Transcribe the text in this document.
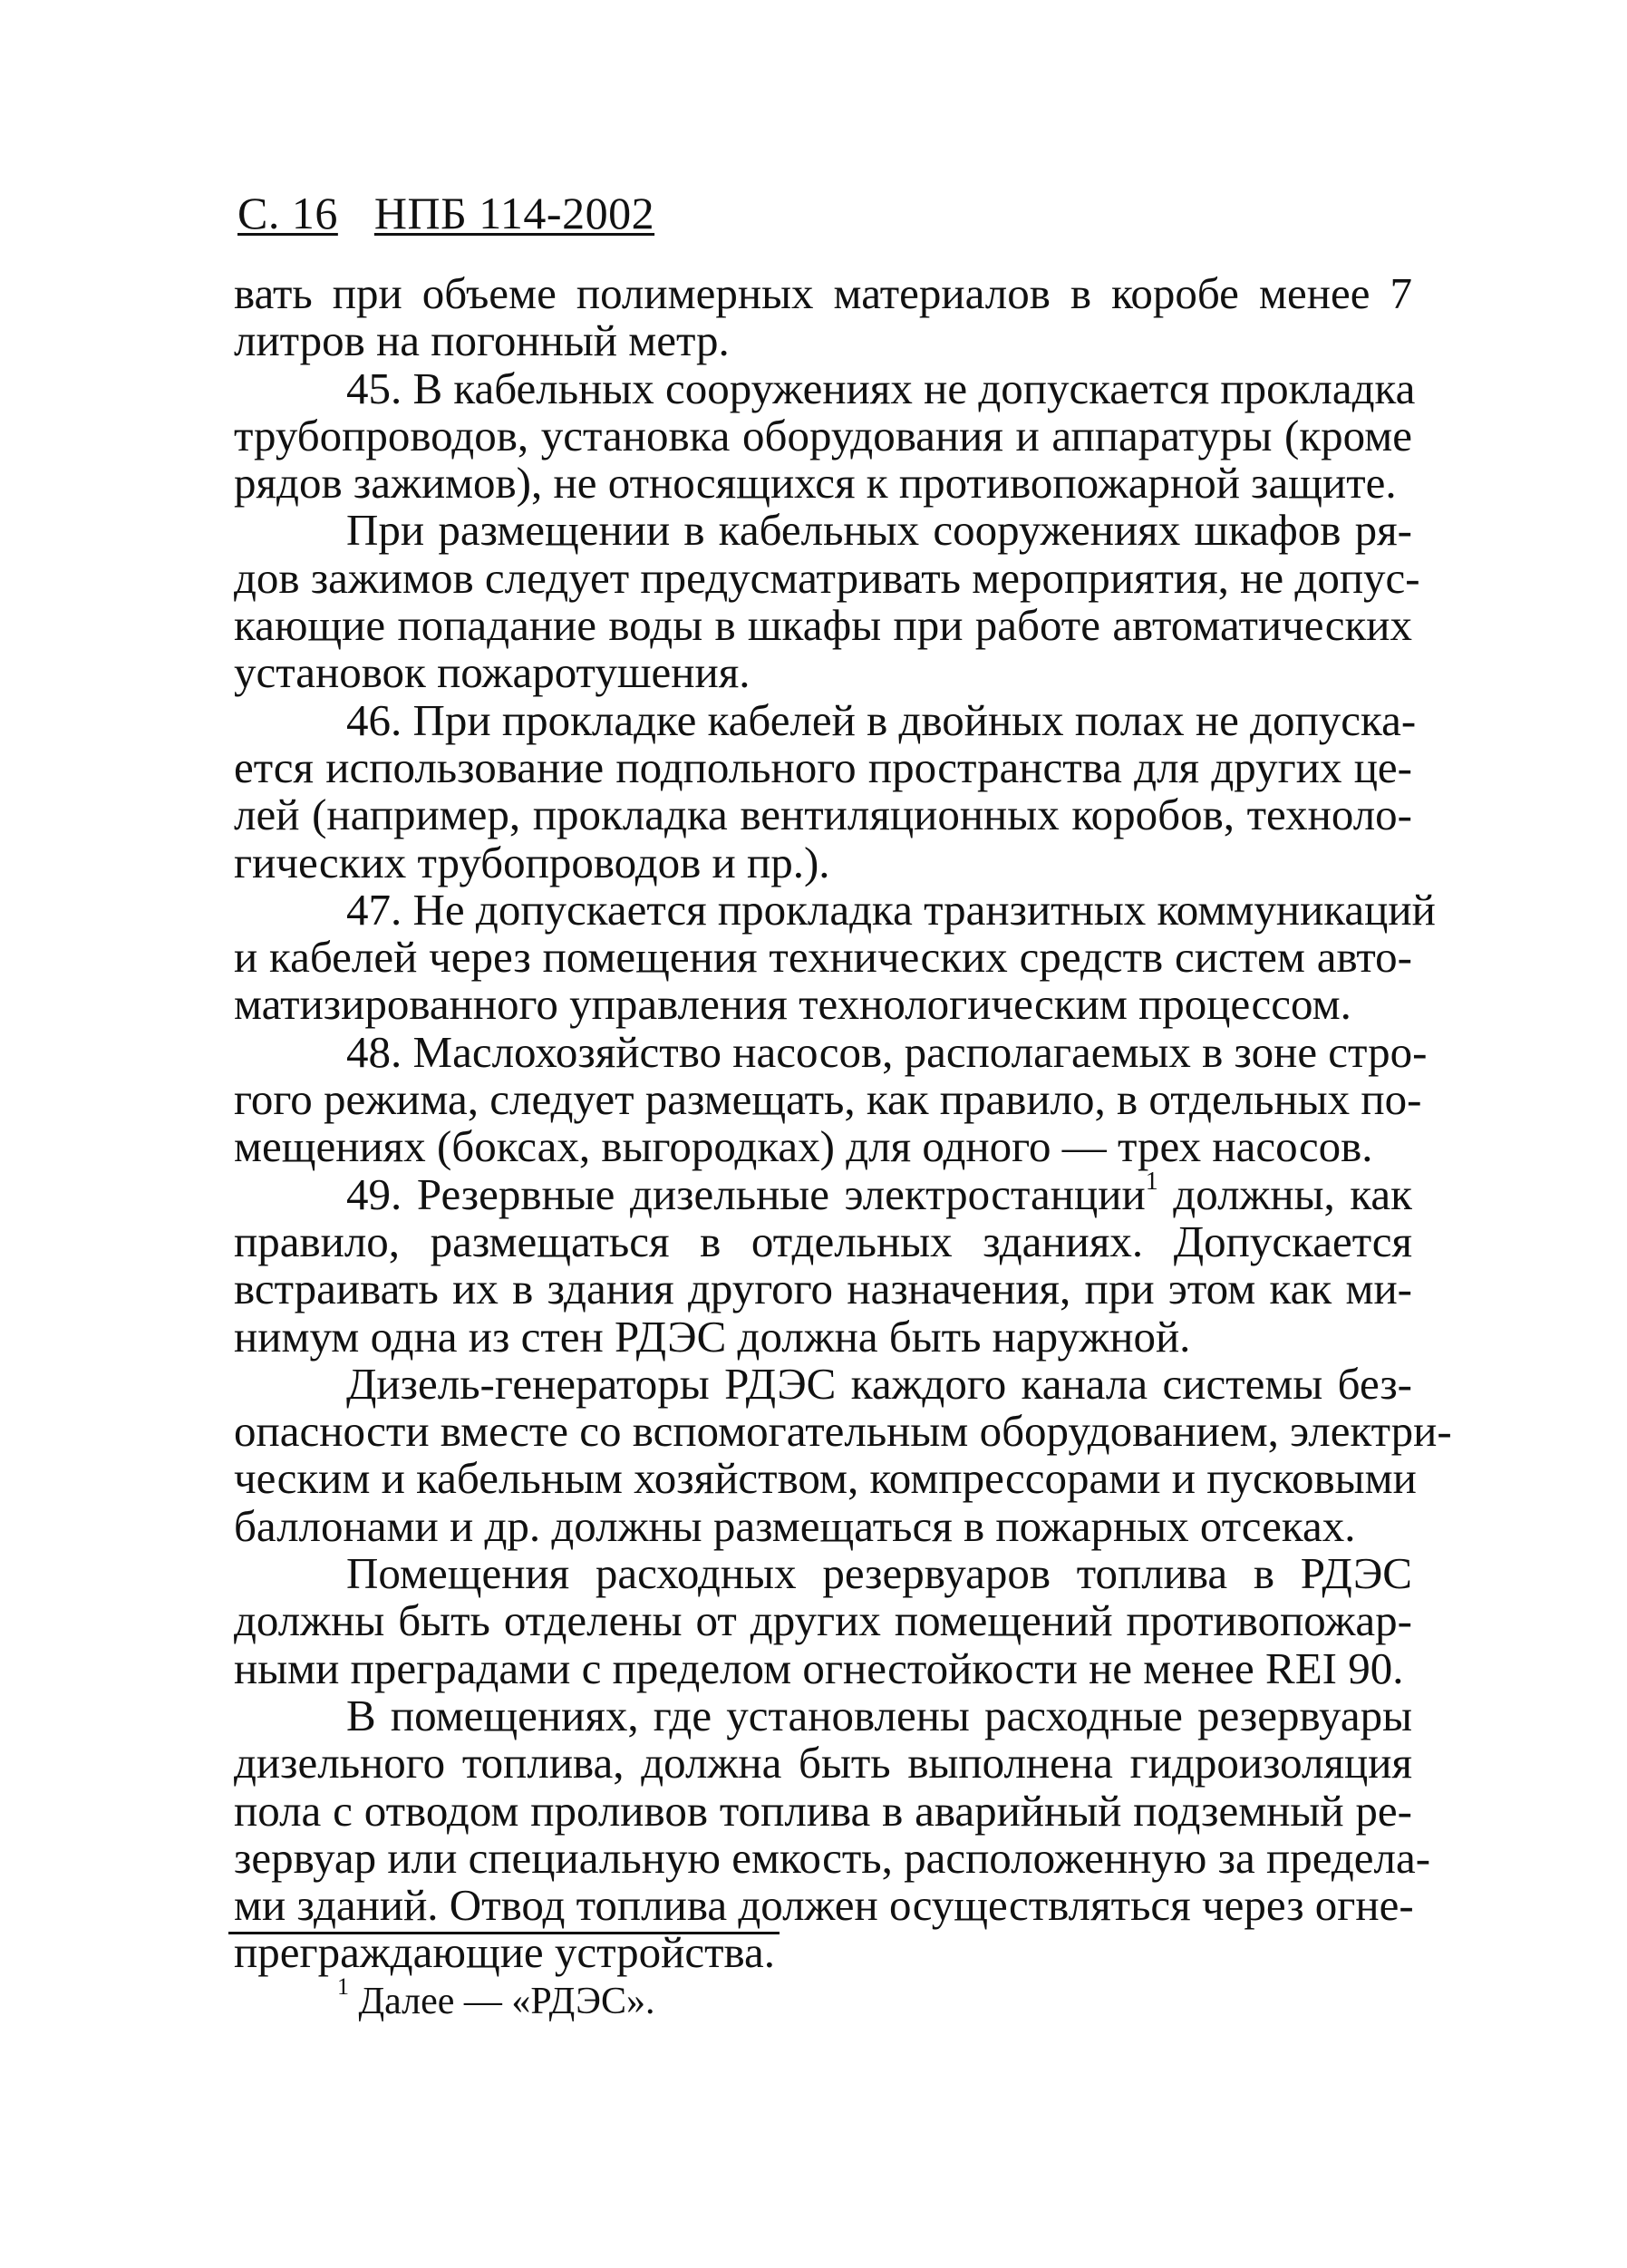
С. 16 НПБ 114-2002
вать при объеме полимерных материалов в коробе менее 7
литров на погонный метр.
45. В кабельных сооружениях не допускается прокладка
трубопроводов, установка оборудования и аппаратуры (кроме
рядов зажимов), не относящихся к противопожарной защите.
При размещении в кабельных сооружениях шкафов ря-
дов зажимов следует предусматривать мероприятия, не допус-
кающие попадание воды в шкафы при работе автоматических
установок пожаротушения.
46. При прокладке кабелей в двойных полах не допуска-
ется использование подпольного пространства для других це-
лей (например, прокладка вентиляционных коробов, техноло-
гических трубопроводов и пр.).
47. Не допускается прокладка транзитных коммуникаций
и кабелей через помещения технических средств систем авто-
матизированного управления технологическим процессом.
48. Маслохозяйство насосов, располагаемых в зоне стро-
гого режима, следует размещать, как правило, в отдельных по-
мещениях (боксах, выгородках) для одного — трех насосов.
49. Резервные дизельные электростанции$^1$ должны, как
правило, размещаться в отдельных зданиях. Допускается
встраивать их в здания другого назначения, при этом как ми-
нимум одна из стен РДЭС должна быть наружной.
Дизель-генераторы РДЭС каждого канала системы без-
опасности вместе со вспомогательным оборудованием, электри-
ческим и кабельным хозяйством, компрессорами и пусковыми
баллонами и др. должны размещаться в пожарных отсеках.
Помещения расходных резервуаров топлива в РДЭС
должны быть отделены от других помещений противопожар-
ными преградами с пределом огнестойкости не менее REI 90.
В помещениях, где установлены расходные резервуары
дизельного топлива, должна быть выполнена гидроизоляция
пола с отводом проливов топлива в аварийный подземный ре-
зервуар или специальную емкость, расположенную за предела-
ми зданий. Отвод топлива должен осуществляться через огне-
преграждающие устройства.
$^1$ Далее — «РДЭС».
